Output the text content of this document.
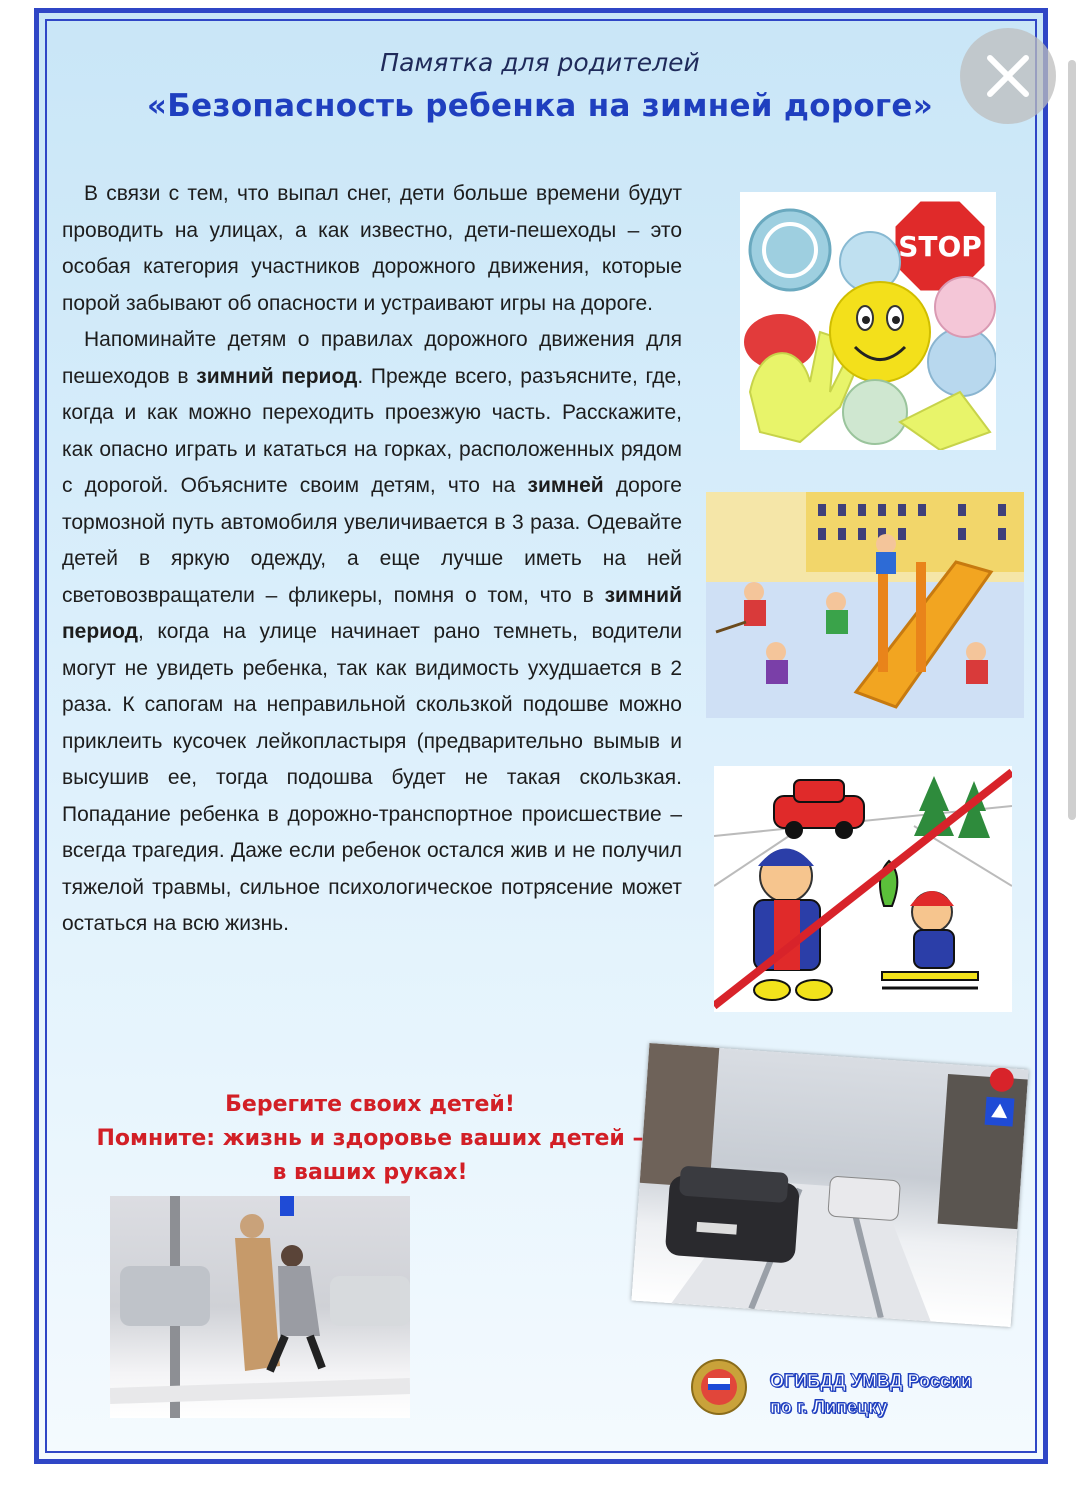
Памятка для родителей
«Безопасность ребенка на зимней дороге»

В связи с тем, что выпал снег, дети больше времени будут проводить на улицах, а как известно, дети-пешеходы – это особая категория участников дорожного движения, которые порой забывают об опасности и устраивают игры на дороге.

Напоминайте детям о правилах дорожного движения для пешеходов в зимний период. Прежде всего, разъясните, где, когда и как можно переходить проезжую часть. Расскажите, как опасно играть и кататься на горках, расположенных рядом с дорогой. Объясните своим детям, что на зимней дороге тормозной путь автомобиля увеличивается в 3 раза. Одевайте детей в яркую одежду, а еще лучше иметь на ней световозвращатели – фликеры, помня о том, что в зимний период, когда на улице начинает рано темнеть, водители могут не увидеть ребенка, так как видимость ухудшается в 2 раза. К сапогам на неправильной скользкой подошве можно приклеить кусочек лейкопластыря (предварительно вымыв и высушив ее, тогда подошва будет не такая скользкая. Попадание ребенка в дорожно-транспортное происшествие – всегда трагедия. Даже если ребенок остался жив и не получил тяжелой травмы, сильное психологическое потрясение может остаться на всю жизнь.

STOP
Берегите своих детей!
Помните: жизнь и здоровье ваших детей –
в ваших руках!
ОГИБДД УМВД России
по г. Липецку
